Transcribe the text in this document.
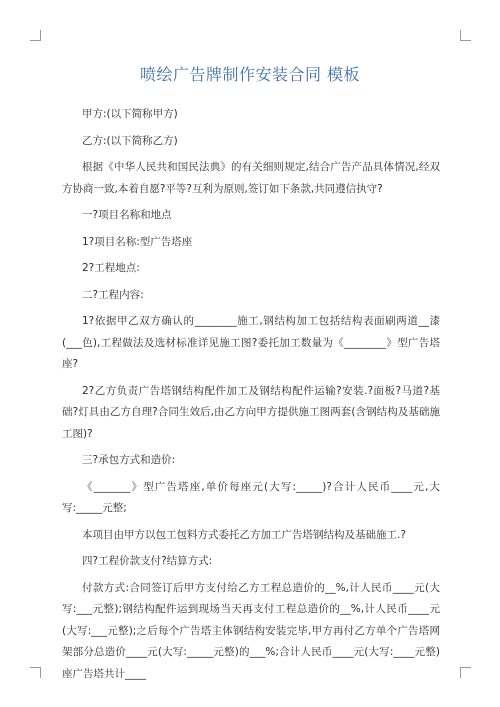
喷绘广告牌制作安装合同 模板

甲方:(以下简称甲方)

乙方:(以下简称乙方)

根据《中华人民共和国民法典》的有关细则规定,结合广告产品具体情况,经双方协商一致,本着自愿?平等?互利为原则,签订如下条款,共同遵信执守?

一?项目名称和地点

1?项目名称:型广告塔座

2?工程地点:

二?工程内容:

1?依据甲乙双方确认的________施工,钢结构加工包括结构表面刷两道__漆(___色),工程做法及选材标准详见施工图?委托加工数量为《________》型广告塔座?

2?乙方负责广告塔钢结构配件加工及钢结构配件运输?安装.?面板?马道?基础?灯具由乙方自理?合同生效后,由乙方向甲方提供施工图两套(含钢结构及基础施工图)?

三?承包方式和造价:

《_______》型广告塔座,单价每座元(大写:_____)?合计人民币____元,大写:_____元整;

本项目由甲方以包工包料方式委托乙方加工广告塔钢结构及基础施工.?

四?工程价款支付?结算方式:

付款方式:合同签订后甲方支付给乙方工程总造价的__%,计人民币____元(大写:___元整);钢结构配件运到现场当天再支付工程总造价的__%,计人民币____元(大写:___元整);之后每个广告塔主体钢结构安装完毕,甲方再付乙方单个广告塔网架部分总造价____元(大写:_____元整)的___%;合计人民币____元(大写:____元整)座广告塔共计____
